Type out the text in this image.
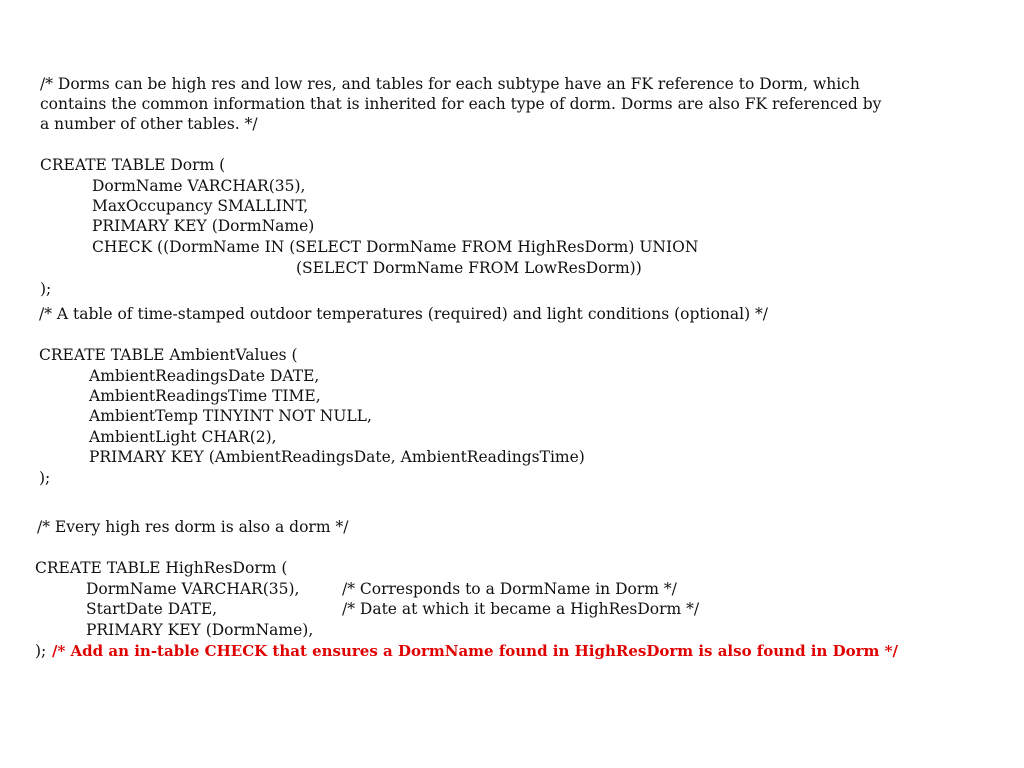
/* Dorms can be high res and low res, and tables for each subtype have an FK reference to Dorm, which
contains the common information that is inherited for each type of dorm. Dorms are also FK referenced by
a number of other tables. */
CREATE TABLE Dorm (
DormName VARCHAR(35),
MaxOccupancy SMALLINT,
PRIMARY KEY (DormName)
CHECK ((DormName IN (SELECT DormName FROM HighResDorm) UNION
(SELECT DormName FROM LowResDorm))
);
/* A table of time-stamped outdoor temperatures (required) and light conditions (optional) */
CREATE TABLE AmbientValues (
AmbientReadingsDate DATE,
AmbientReadingsTime TIME,
AmbientTemp TINYINT NOT NULL,
AmbientLight CHAR(2),
PRIMARY KEY (AmbientReadingsDate, AmbientReadingsTime)
);
/* Every high res dorm is also a dorm */
CREATE TABLE HighResDorm (
DormName VARCHAR(35),	/* Corresponds to a DormName in Dorm */
StartDate DATE,	/* Date at which it became a HighResDorm */
PRIMARY KEY (DormName),
); /* Add an in-table CHECK that ensures a DormName found in HighResDorm is also found in Dorm */
